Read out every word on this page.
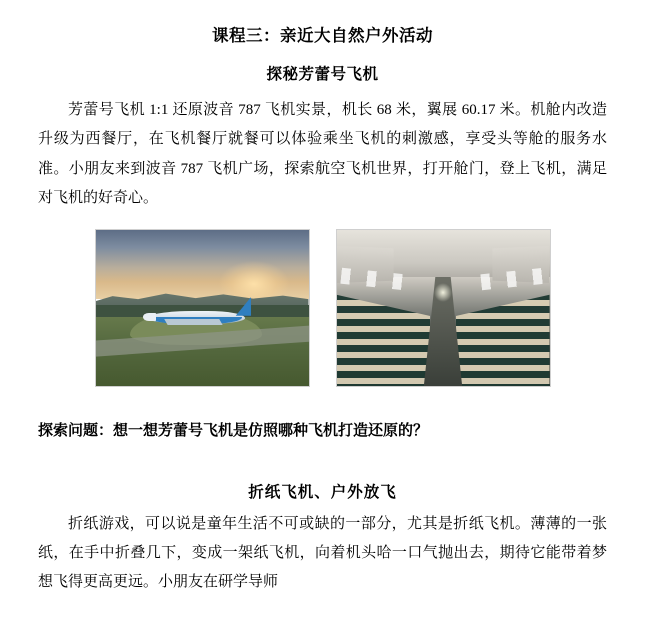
课程三：亲近大自然户外活动
探秘芳蕾号飞机

芳蕾号飞机 1:1 还原波音 787 飞机实景，机长 68 米，翼展 60.17 米。机舱内改造升级为西餐厅，在飞机餐厅就餐可以体验乘坐飞机的刺激感，享受头等舱的服务水准。小朋友来到波音 787 飞机广场，探索航空飞机世界，打开舱门，登上飞机，满足对飞机的好奇心。

探索问题：想一想芳蕾号飞机是仿照哪种飞机打造还原的？

折纸飞机、户外放飞

折纸游戏，可以说是童年生活不可或缺的一部分，尤其是折纸飞机。薄薄的一张纸，在手中折叠几下，变成一架纸飞机，向着机头哈一口气抛出去，期待它能带着梦想飞得更高更远。小朋友在研学导师
